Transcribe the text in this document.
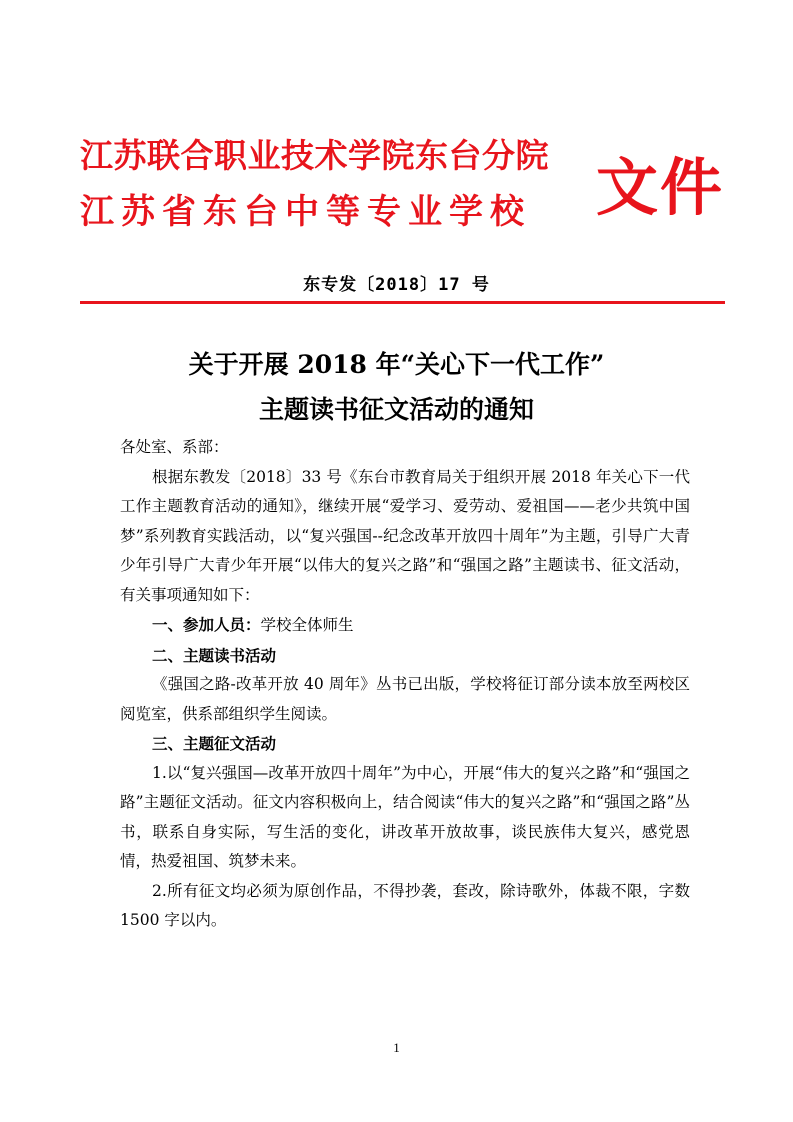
江苏联合职业技术学院东台分院
江苏省东台中等专业学校 文件
东专发〔2018〕17 号
关于开展 2018 年“关心下一代工作”
主题读书征文活动的通知

各处室、系部：

根据东教发〔2018〕33 号《东台市教育局关于组织开展 2018 年关心下一代工作主题教育活动的通知》，继续开展“爱学习、爱劳动、爱祖国——老少共筑中国梦”系列教育实践活动，以“复兴强国--纪念改革开放四十周年”为主题，引导广大青少年引导广大青少年开展“以伟大的复兴之路”和“强国之路”主题读书、征文活动，有关事项通知如下：

一、参加人员：学校全体师生

二、主题读书活动

《强国之路-改革开放 40 周年》丛书已出版，学校将征订部分读本放至两校区阅览室，供系部组织学生阅读。

三、主题征文活动

1.以“复兴强国—改革开放四十周年”为中心，开展“伟大的复兴之路”和“强国之路”主题征文活动。征文内容积极向上，结合阅读“伟大的复兴之路”和“强国之路”丛书，联系自身实际，写生活的变化，讲改革开放故事，谈民族伟大复兴，感党恩情，热爱祖国、筑梦未来。

2.所有征文均必须为原创作品，不得抄袭，套改，除诗歌外，体裁不限，字数 1500 字以内。

1
